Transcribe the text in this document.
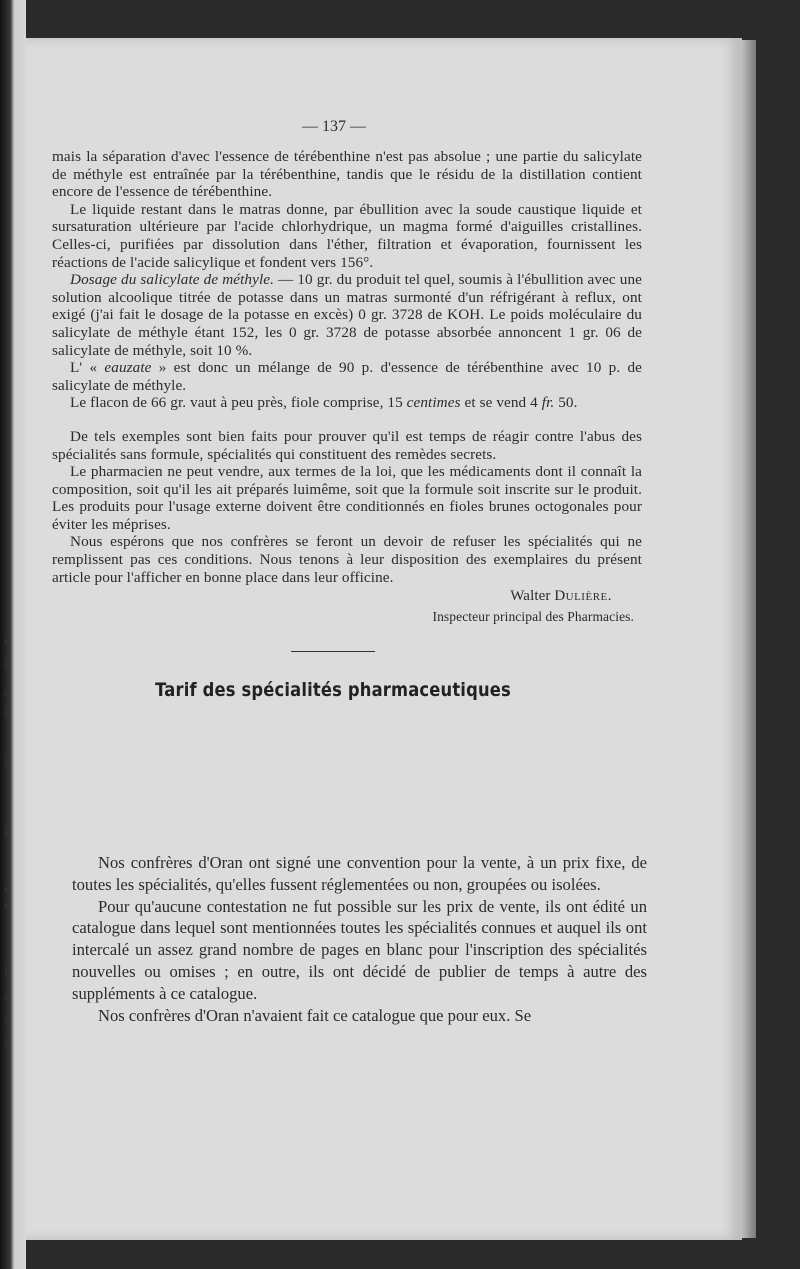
e
a
e
a
s
i
e
e
t
-
é
;
— 137 —

mais la séparation d'avec l'essence de térébenthine n'est pas absolue ; une partie du salicylate de méthyle est entraînée par la térébenthine, tandis que le résidu de la distillation contient encore de l'essence de térébenthine.

Le liquide restant dans le matras donne, par ébullition avec la soude caustique liquide et sursaturation ultérieure par l'acide chlorhydrique, un magma formé d'aiguilles cristallines. Celles-ci, purifiées par dissolution dans l'éther, filtration et évaporation, fournissent les réactions de l'acide salicylique et fondent vers 156°.

Dosage du salicylate de méthyle. — 10 gr. du produit tel quel, soumis à l'ébullition avec une solution alcoolique titrée de potasse dans un matras surmonté d'un réfrigérant à reflux, ont exigé (j'ai fait le dosage de la potasse en excès) 0 gr. 3728 de KOH. Le poids moléculaire du salicylate de méthyle étant 152, les 0 gr. 3728 de potasse absorbée annoncent 1 gr. 06 de salicylate de méthyle, soit 10 %.

L' « eauzate » est donc un mélange de 90 p. d'essence de térébenthine avec 10 p. de salicylate de méthyle.

Le flacon de 66 gr. vaut à peu près, fiole comprise, 15 centimes et se vend 4 fr. 50.

De tels exemples sont bien faits pour prouver qu'il est temps de réagir contre l'abus des spécialités sans formule, spécialités qui constituent des remèdes secrets.

Le pharmacien ne peut vendre, aux termes de la loi, que les médicaments dont il connaît la composition, soit qu'il les ait préparés luimême, soit que la formule soit inscrite sur le produit. Les produits pour l'usage externe doivent être conditionnés en fioles brunes octogonales pour éviter les méprises.

Nous espérons que nos confrères se feront un devoir de refuser les spécialités qui ne remplissent pas ces conditions. Nous tenons à leur disposition des exemplaires du présent article pour l'afficher en bonne place dans leur officine.

Walter Dulière.
Inspecteur principal des Pharmacies.
Tarif des spécialités pharmaceutiques

Nos confrères d'Oran ont signé une convention pour la vente, à un prix fixe, de toutes les spécialités, qu'elles fussent réglementées ou non, groupées ou isolées.

Pour qu'aucune contestation ne fut possible sur les prix de vente, ils ont édité un catalogue dans lequel sont mentionnées toutes les spécialités connues et auquel ils ont intercalé un assez grand nombre de pages en blanc pour l'inscription des spécialités nouvelles ou omises ; en outre, ils ont décidé de publier de temps à autre des suppléments à ce catalogue.

Nos confrères d'Oran n'avaient fait ce catalogue que pour eux. Se
